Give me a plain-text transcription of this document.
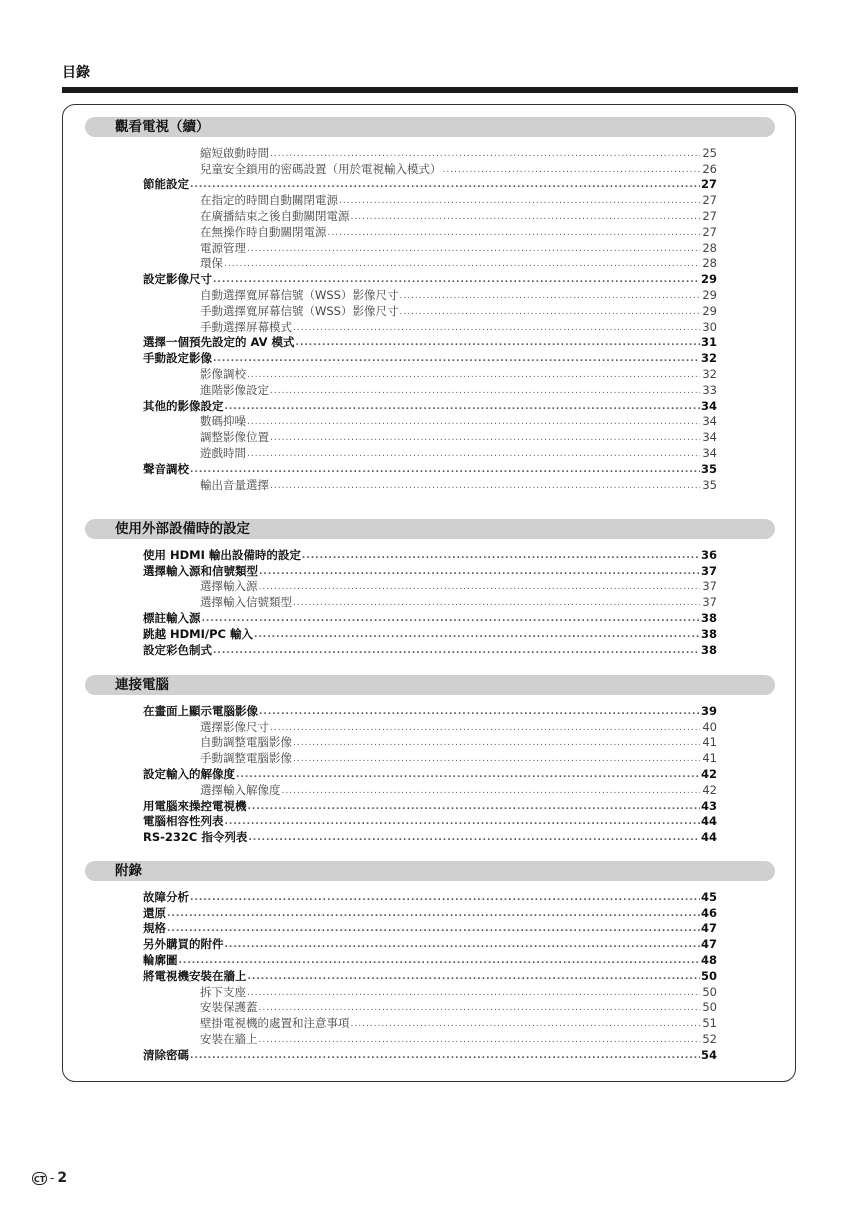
目錄
觀看電視（續）
縮短啟動時間 .....	25
兒童安全鎖用的密碼設置（用於電視輸入模式） .....	26
節能設定 .....	27
在指定的時間自動關閉電源 .....	27
在廣播結束之後自動關閉電源 .....	27
在無操作時自動關閉電源 .....	27
電源管理 .....	28
環保 .....	28
設定影像尺寸 .....	29
自動選擇寬屏幕信號（WSS）影像尺寸 .....	29
手動選擇寬屏幕信號（WSS）影像尺寸 .....	29
手動選擇屏幕模式 .....	30
選擇一個預先設定的 AV 模式 .....	31
手動設定影像 .....	32
影像調校 .....	32
進階影像設定 .....	33
其他的影像設定 .....	34
數碼抑噪 .....	34
調整影像位置 .....	34
遊戲時間 .....	34
聲音調校 .....	35
輸出音量選擇 .....	35
使用外部設備時的設定
使用 HDMI 輸出設備時的設定 .....	36
選擇輸入源和信號類型 .....	37
選擇輸入源 .....	37
選擇輸入信號類型 .....	37
標註輸入源 .....	38
跳越 HDMI/PC 輸入 .....	38
設定彩色制式 .....	38
連接電腦
在畫面上顯示電腦影像 .....	39
選擇影像尺寸 .....	40
自動調整電腦影像 .....	41
手動調整電腦影像 .....	41
設定輸入的解像度 .....	42
選擇輸入解像度 .....	42
用電腦來操控電視機 .....	43
電腦相容性列表 .....	44
RS-232C 指令列表 .....	44
附錄
故障分析 .....	45
還原 .....	46
規格 .....	47
另外購買的附件 .....	47
輪廓圖 .....	48
將電視機安裝在牆上 .....	50
拆下支座 .....	50
安裝保護蓋 .....	50
壁掛電視機的處置和注意事項 .....	51
安裝在牆上 .....	52
清除密碼 .....	54
CT - 2
